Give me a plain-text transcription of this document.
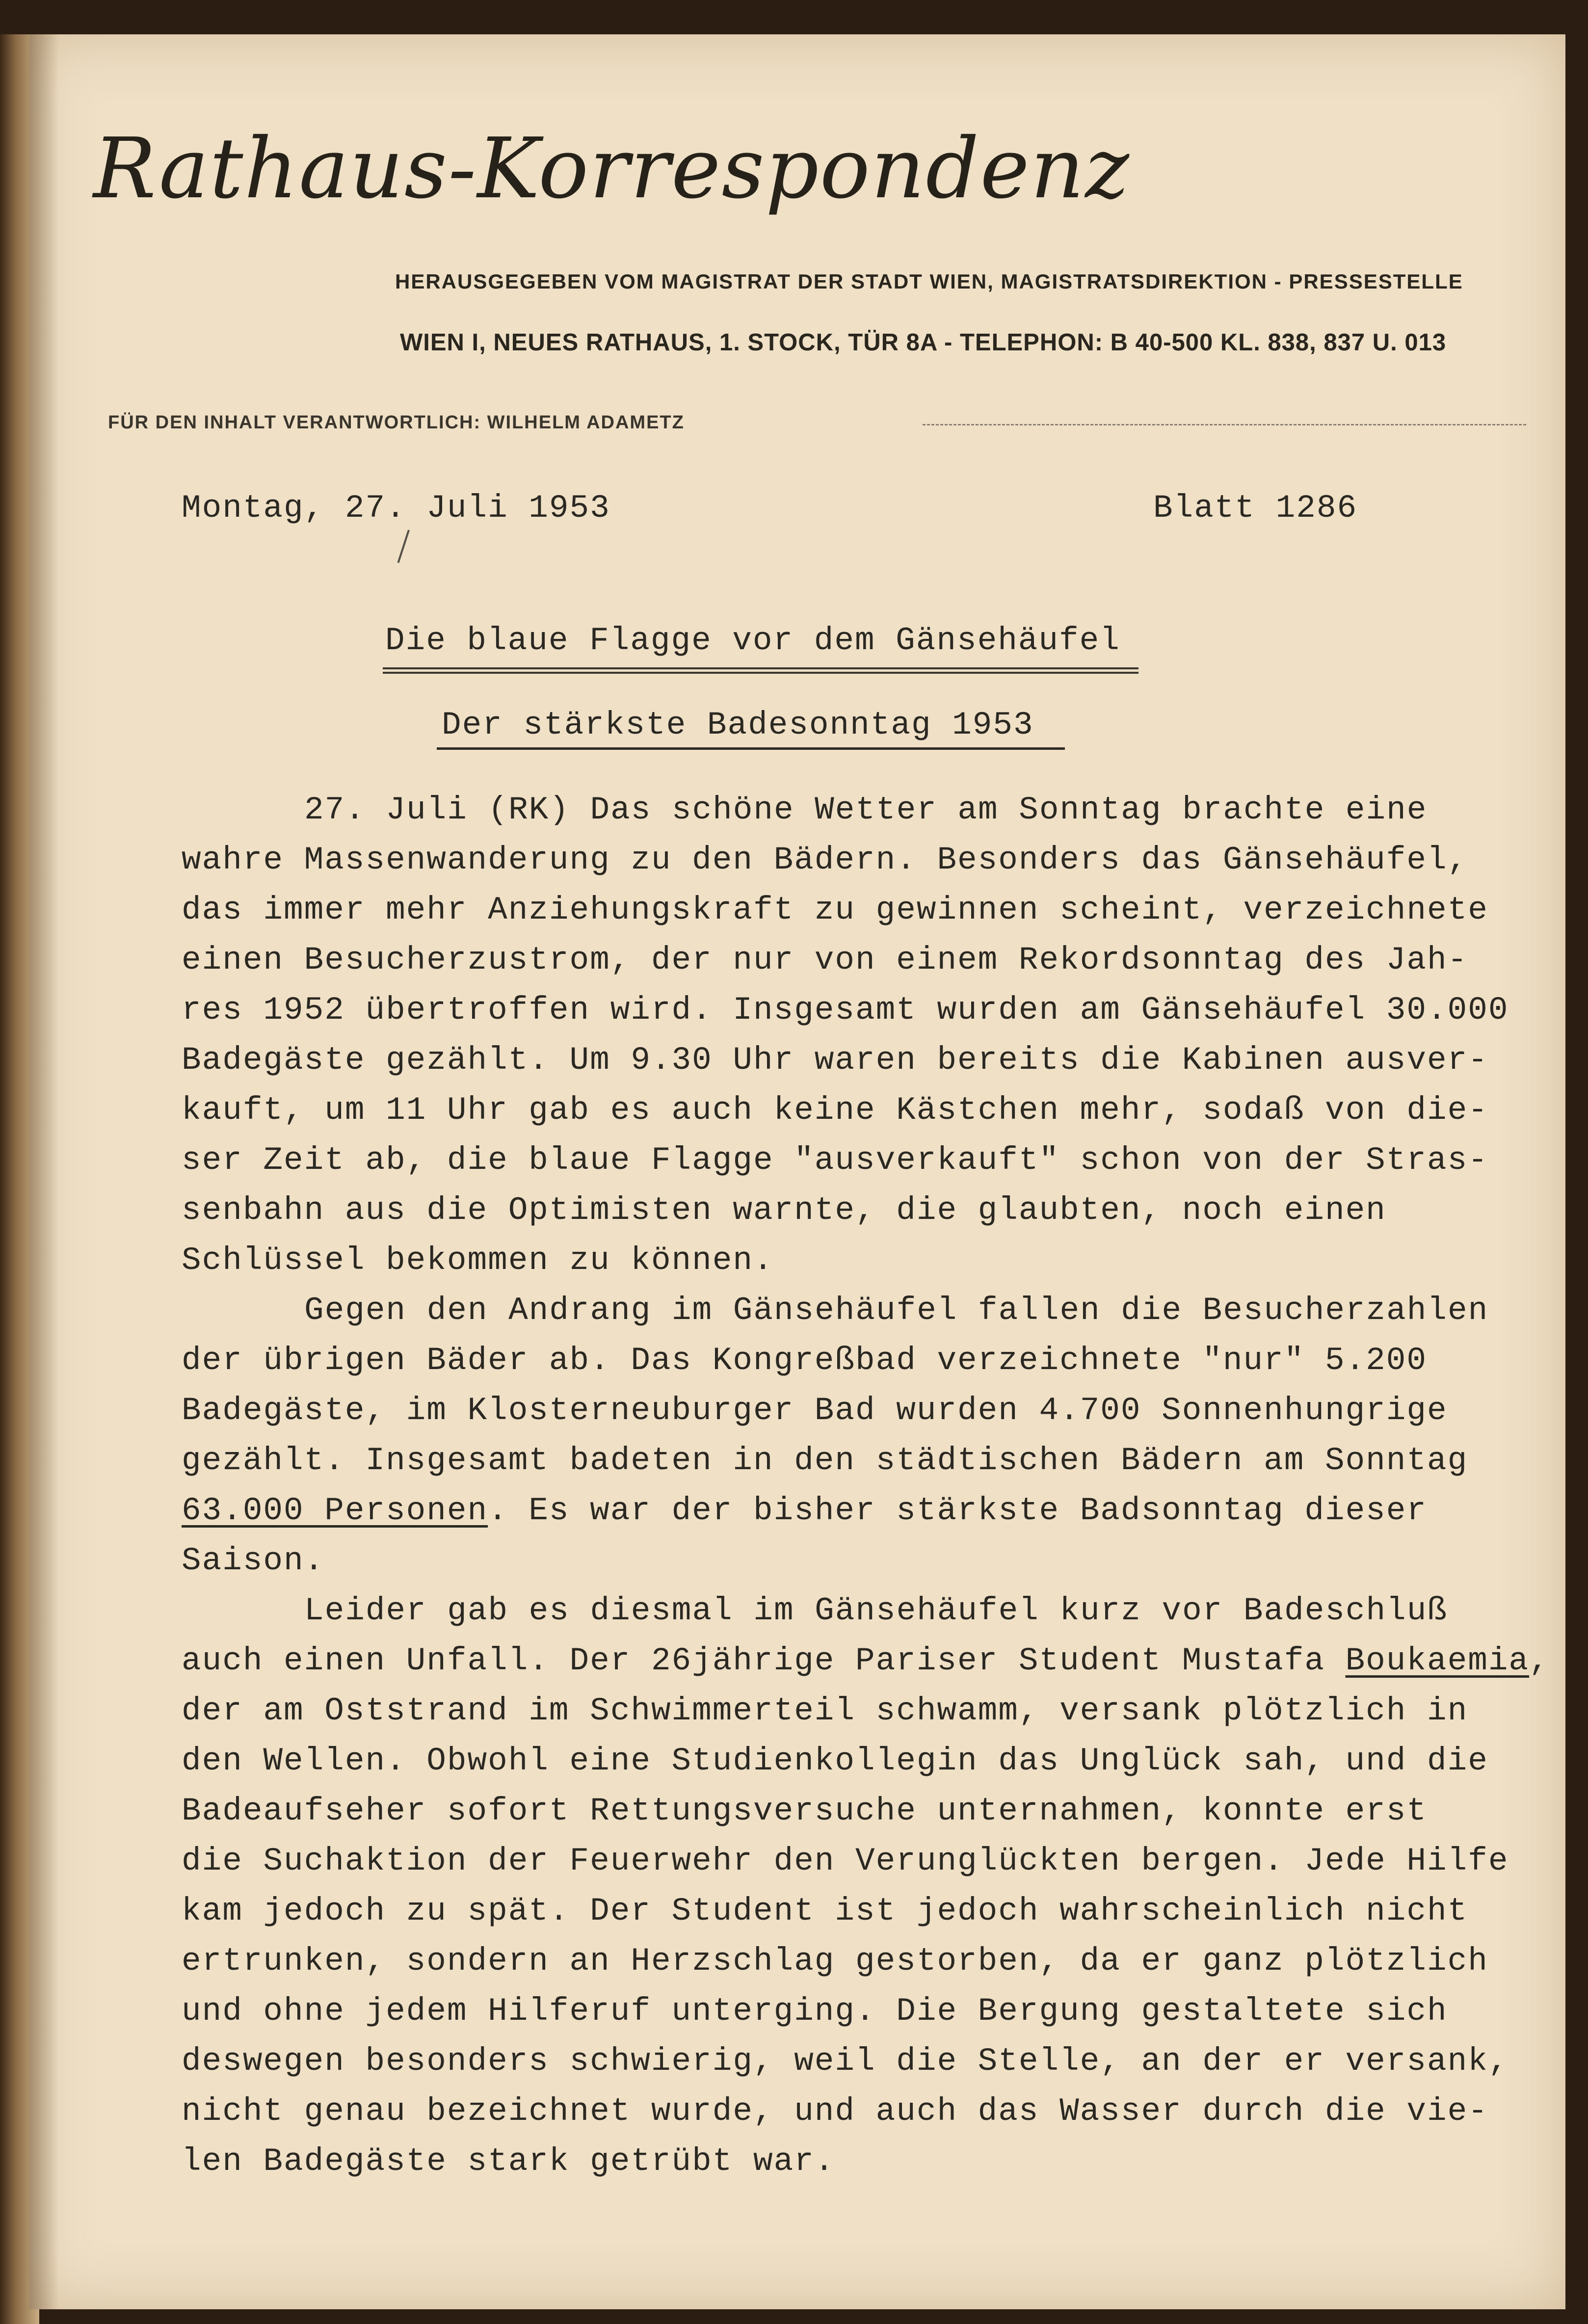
Rathaus-Korrespondenz
HERAUSGEGEBEN VOM MAGISTRAT DER STADT WIEN, MAGISTRATSDIREKTION - PRESSESTELLE
WIEN I, NEUES RATHAUS, 1. STOCK, TÜR 8A - TELEPHON: B 40-500 KL. 838, 837 U. 013
FÜR DEN INHALT VERANTWORTLICH: WILHELM ADAMETZ
Montag, 27. Juli 1953	Blatt 1286
Die blaue Flagge vor dem Gänsehäufel
Der stärkste Badesonntag 1953
27. Juli (RK) Das schöne Wetter am Sonntag brachte eine
wahre Massenwanderung zu den Bädern. Besonders das Gänsehäufel,
das immer mehr Anziehungskraft zu gewinnen scheint, verzeichnete
einen Besucherzustrom, der nur von einem Rekordsonntag des Jah-
res 1952 übertroffen wird. Insgesamt wurden am Gänsehäufel 30.000
Badegäste gezählt. Um 9.30 Uhr waren bereits die Kabinen ausver-
kauft, um 11 Uhr gab es auch keine Kästchen mehr, sodaß von die-
ser Zeit ab, die blaue Flagge "ausverkauft" schon von der Stras-
senbahn aus die Optimisten warnte, die glaubten, noch einen
Schlüssel bekommen zu können.
Gegen den Andrang im Gänsehäufel fallen die Besucherzahlen
der übrigen Bäder ab. Das Kongreßbad verzeichnete "nur" 5.200
Badegäste, im Klosterneuburger Bad wurden 4.700 Sonnenhungrige
gezählt. Insgesamt badeten in den städtischen Bädern am Sonntag
63.000 Personen. Es war der bisher stärkste Badsonntag dieser
Saison.
Leider gab es diesmal im Gänsehäufel kurz vor Badeschluß
auch einen Unfall. Der 26jährige Pariser Student Mustafa Boukaemia,
der am Oststrand im Schwimmerteil schwamm, versank plötzlich in
den Wellen. Obwohl eine Studienkollegin das Unglück sah, und die
Badeaufseher sofort Rettungsversuche unternahmen, konnte erst
die Suchaktion der Feuerwehr den Verunglückten bergen. Jede Hilfe
kam jedoch zu spät. Der Student ist jedoch wahrscheinlich nicht
ertrunken, sondern an Herzschlag gestorben, da er ganz plötzlich
und ohne jedem Hilferuf unterging. Die Bergung gestaltete sich
deswegen besonders schwierig, weil die Stelle, an der er versank,
nicht genau bezeichnet wurde, und auch das Wasser durch die vie-
len Badegäste stark getrübt war.
